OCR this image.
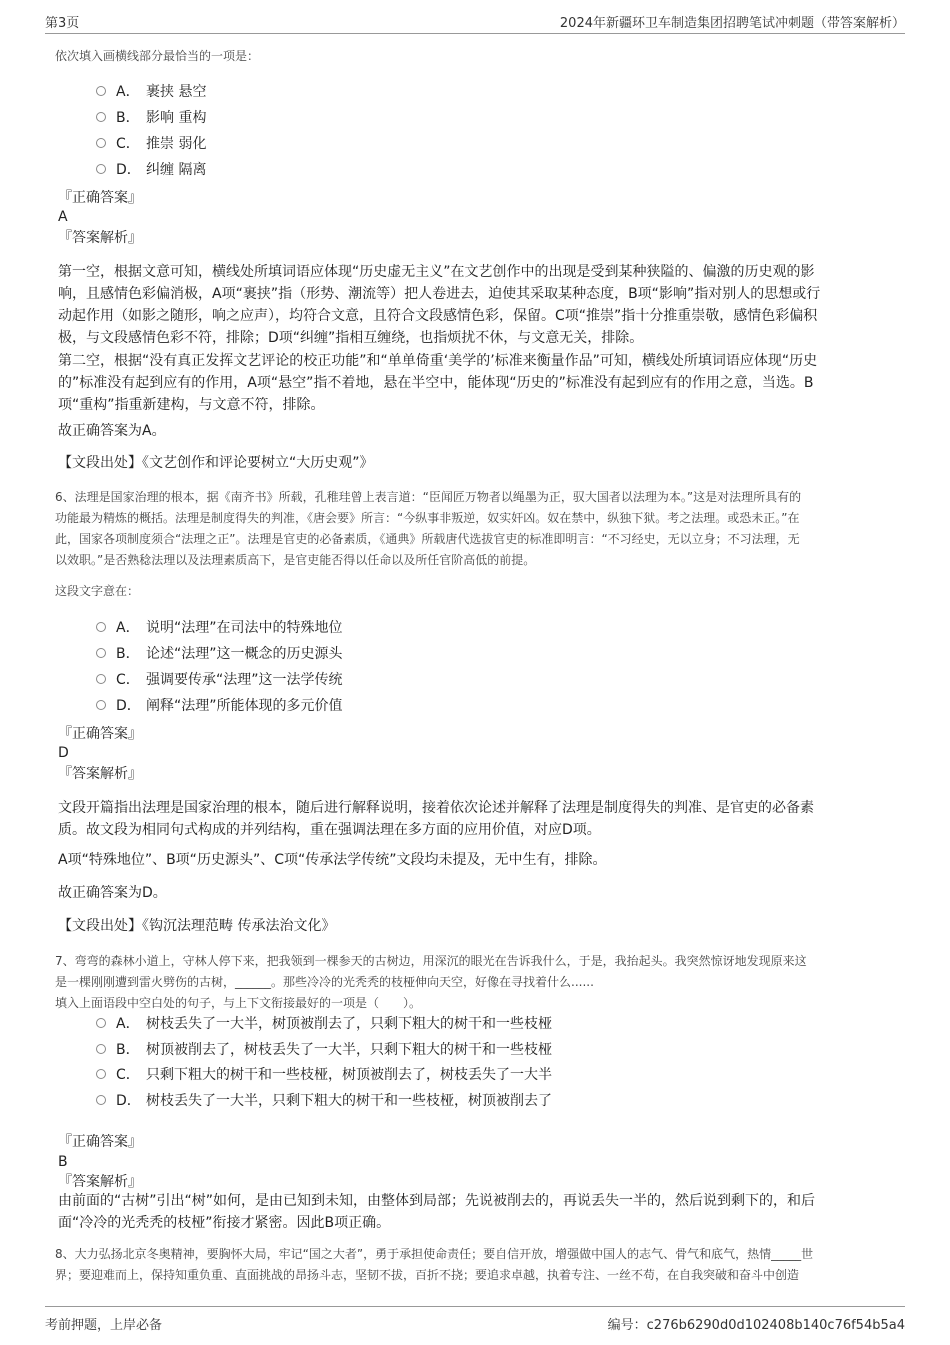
第3页	2024年新疆环卫车制造集团招聘笔试冲刺题（带答案解析）
依次填入画横线部分最恰当的一项是：
A． 裹挟 悬空
B． 影响 重构
C． 推崇 弱化
D． 纠缠 隔离
『正确答案』
A
『答案解析』
第一空，根据文意可知，横线处所填词语应体现“历史虚无主义”在文艺创作中的出现是受到某种狭隘的、偏激的历史观的影
响，且感情色彩偏消极，A项“裹挟”指（形势、潮流等）把人卷进去，迫使其采取某种态度，B项“影响”指对别人的思想或行
动起作用（如影之随形，响之应声），均符合文意，且符合文段感情色彩，保留。C项“推崇”指十分推重崇敬，感情色彩偏积
极，与文段感情色彩不符，排除；D项“纠缠”指相互缠绕，也指烦扰不休，与文意无关，排除。
第二空，根据“没有真正发挥文艺评论的校正功能”和“单单倚重‘美学的’标准来衡量作品”可知，横线处所填词语应体现“历史
的”标准没有起到应有的作用，A项“悬空”指不着地，悬在半空中，能体现“历史的”标准没有起到应有的作用之意，当选。B
项“重构”指重新建构，与文意不符，排除。
故正确答案为A。
【文段出处】《文艺创作和评论要树立“大历史观”》
6、法理是国家治理的根本，据《南齐书》所载，孔稚珪曾上表言道：“臣闻匠万物者以绳墨为正，驭大国者以法理为本。”这是对法理所具有的
功能最为精炼的概括。法理是制度得失的判准，《唐会要》所言：“今纵事非叛逆，奴实奸凶。奴在禁中，纵独下狱。考之法理。或恐未正。”在
此，国家各项制度须合“法理之正”。法理是官吏的必备素质，《通典》所载唐代选拔官吏的标准即明言：“不习经史，无以立身；不习法理，无
以效职。”是否熟稔法理以及法理素质高下，是官吏能否得以任命以及所任官阶高低的前提。
这段文字意在：
A． 说明“法理”在司法中的特殊地位
B． 论述“法理”这一概念的历史源头
C． 强调要传承“法理”这一法学传统
D． 阐释“法理”所能体现的多元价值
『正确答案』
D
『答案解析』
文段开篇指出法理是国家治理的根本，随后进行解释说明，接着依次论述并解释了法理是制度得失的判准、是官吏的必备素
质。故文段为相同句式构成的并列结构，重在强调法理在多方面的应用价值，对应D项。
A项“特殊地位”、B项“历史源头”、C项“传承法学传统”文段均未提及，无中生有，排除。
故正确答案为D。
【文段出处】《钩沉法理范畴 传承法治文化》
7、弯弯的森林小道上，守林人停下来，把我领到一棵参天的古树边，用深沉的眼光在告诉我什么，于是，我抬起头。我突然惊讶地发现原来这
是一棵刚刚遭到雷火劈伤的古树，______。那些冷冷的光秃秃的枝桠伸向天空，好像在寻找着什么......
填入上面语段中空白处的句子，与上下文衔接最好的一项是（　　）。
A． 树枝丢失了一大半，树顶被削去了，只剩下粗大的树干和一些枝桠
B． 树顶被削去了，树枝丢失了一大半，只剩下粗大的树干和一些枝桠
C． 只剩下粗大的树干和一些枝桠，树顶被削去了，树枝丢失了一大半
D． 树枝丢失了一大半，只剩下粗大的树干和一些枝桠，树顶被削去了
『正确答案』
B
『答案解析』
由前面的“古树”引出“树”如何，是由已知到未知，由整体到局部；先说被削去的，再说丢失一半的，然后说到剩下的，和后
面“冷冷的光秃秃的枝桠”衔接才紧密。因此B项正确。
8、大力弘扬北京冬奥精神，要胸怀大局，牢记“国之大者”，勇于承担使命责任；要自信开放，增强做中国人的志气、骨气和底气，热情_____世
界；要迎难而上，保持知重负重、直面挑战的昂扬斗志，坚韧不拔，百折不挠；要追求卓越，执着专注、一丝不苟，在自我突破和奋斗中创造
考前押题，上岸必备	编号：c276b6290d0d102408b140c76f54b5a4
